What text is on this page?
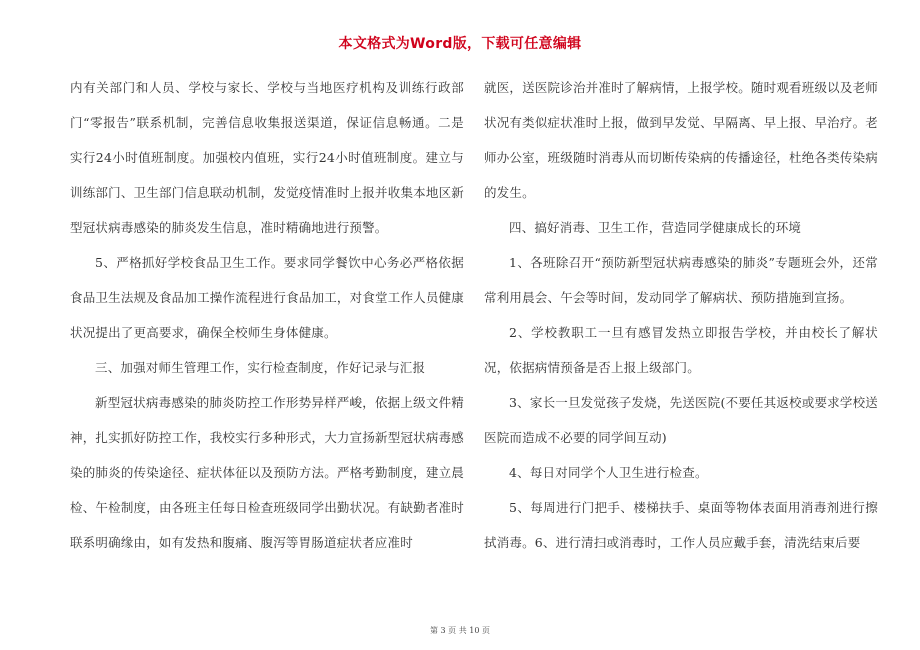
本文格式为Word版，下载可任意编辑

内有关部门和人员、学校与家长、学校与当地医疗机构及训练行政部门“零报告”联系机制，完善信息收集报送渠道，保证信息畅通。二是实行24小时值班制度。加强校内值班，实行24小时值班制度。建立与训练部门、卫生部门信息联动机制，发觉疫情准时上报并收集本地区新型冠状病毒感染的肺炎发生信息，准时精确地进行预警。

5、严格抓好学校食品卫生工作。要求同学餐饮中心务必严格依据食品卫生法规及食品加工操作流程进行食品加工，对食堂工作人员健康状况提出了更高要求，确保全校师生身体健康。

三、加强对师生管理工作，实行检查制度，作好记录与汇报

新型冠状病毒感染的肺炎防控工作形势异样严峻，依据上级文件精神，扎实抓好防控工作，我校实行多种形式，大力宣扬新型冠状病毒感染的肺炎的传染途径、症状体征以及预防方法。严格考勤制度，建立晨检、午检制度，由各班主任每日检查班级同学出勤状况。有缺勤者准时联系明确缘由，如有发热和腹痛、腹泻等胃肠道症状者应准时

就医，送医院诊治并准时了解病情，上报学校。随时观看班级以及老师状况有类似症状准时上报，做到早发觉、早隔离、早上报、早治疗。老师办公室，班级随时消毒从而切断传染病的传播途径，杜绝各类传染病的发生。

四、搞好消毒、卫生工作，营造同学健康成长的环境

1、各班除召开“预防新型冠状病毒感染的肺炎”专题班会外，还常常利用晨会、午会等时间，发动同学了解病状、预防措施到宣扬。

2、学校教职工一旦有感冒发热立即报告学校，并由校长了解状况，依据病情预备是否上报上级部门。

3、家长一旦发觉孩子发烧，先送医院(不要任其返校或要求学校送医院而造成不必要的同学间互动)

4、每日对同学个人卫生进行检查。

5、每周进行门把手、楼梯扶手、桌面等物体表面用消毒剂进行擦拭消毒。6、进行清扫或消毒时，工作人员应戴手套，清洗结束后要

第 3 页 共 10 页
